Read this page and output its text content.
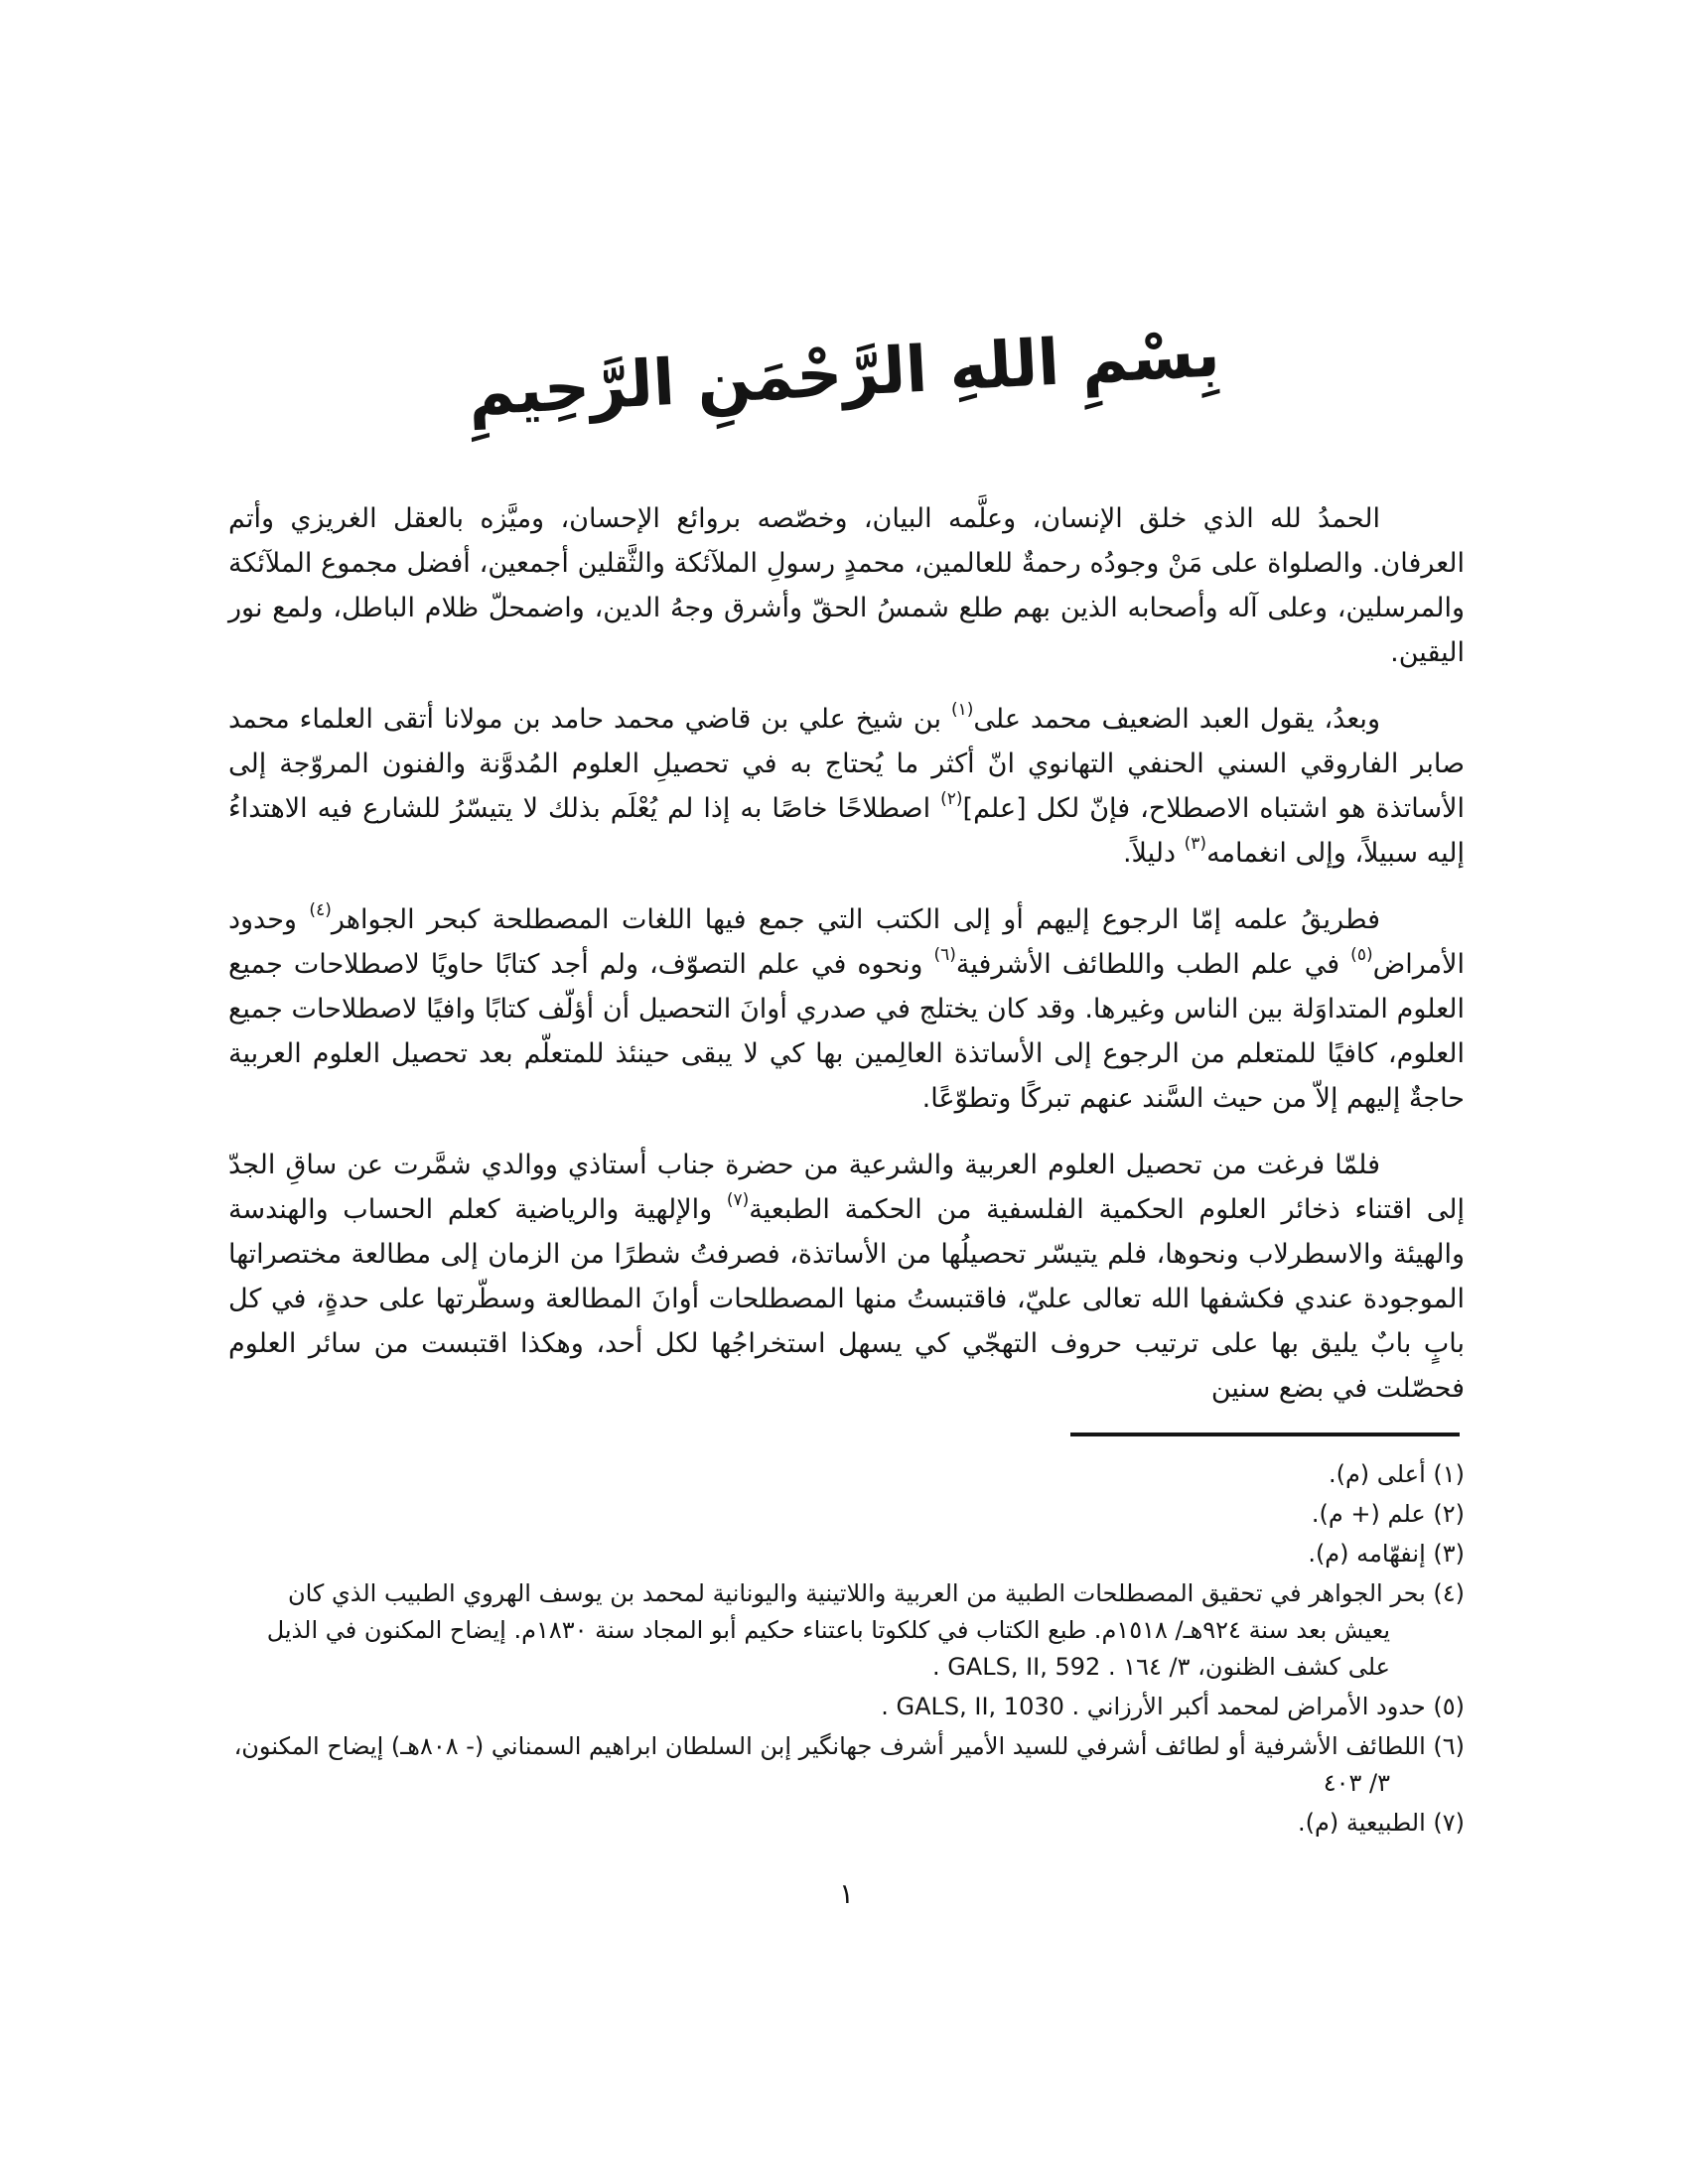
بِسْمِ اللهِ الرَّحْمَنِ الرَّحِيمِ

الحمدُ لله الذي خلق الإنسان، وعلَّمه البيان، وخصّصه بروائع الإحسان، وميَّزه بالعقل الغريزي وأتم العرفان. والصلواة على مَنْ وجودُه رحمةٌ للعالمين، محمدٍ رسولِ الملآئكة والثَّقلين أجمعين، أفضل مجموع الملآئكة والمرسلين، وعلى آله وأصحابه الذين بهم طلع شمسُ الحقّ وأشرق وجهُ الدين، واضمحلّ ظلام الباطل، ولمع نور اليقين.

وبعدُ، يقول العبد الضعيف محمد على$^{(١)}$ بن شيخ علي بن قاضي محمد حامد بن مولانا أتقى العلماء محمد صابر الفاروقي السني الحنفي التهانوي انّ أكثر ما يُحتاج به في تحصيلِ العلوم المُدوَّنة والفنون المروّجة إلى الأساتذة هو اشتباه الاصطلاح، فإنّ لكل [علم]$^{(٢)}$ اصطلاحًا خاصًا به إذا لم يُعْلَم بذلك لا يتيسّرُ للشارع فيه الاهتداءُ إليه سبيلاً، وإلى انغمامه$^{(٣)}$ دليلاً.

فطريقُ علمه إمّا الرجوع إليهم أو إلى الكتب التي جمع فيها اللغات المصطلحة كبحر الجواهر$^{(٤)}$ وحدود الأمراض$^{(٥)}$ في علم الطب واللطائف الأشرفية$^{(٦)}$ ونحوه في علم التصوّف، ولم أجد كتابًا حاويًا لاصطلاحات جميع العلوم المتداوَلة بين الناس وغيرها. وقد كان يختلج في صدري أوانَ التحصيل أن أؤلّف كتابًا وافيًا لاصطلاحات جميع العلوم، كافيًا للمتعلم من الرجوع إلى الأساتذة العالِمين بها كي لا يبقى حينئذ للمتعلّم بعد تحصيل العلوم العربية حاجةٌ إليهم إلاّ من حيث السَّند عنهم تبركًا وتطوّعًا.

فلمّا فرغت من تحصيل العلوم العربية والشرعية من حضرة جناب أستاذي ووالدي شمَّرت عن ساقِ الجدّ إلى اقتناء ذخائر العلوم الحكمية الفلسفية من الحكمة الطبعية$^{(٧)}$ والإلهية والرياضية كعلم الحساب والهندسة والهيئة والاسطرلاب ونحوها، فلم يتيسّر تحصيلُها من الأساتذة، فصرفتُ شطرًا من الزمان إلى مطالعة مختصراتها الموجودة عندي فكشفها الله تعالى عليّ، فاقتبستُ منها المصطلحات أوانَ المطالعة وسطّرتها على حدةٍ، في كل بابٍ بابٌ يليق بها على ترتيب حروف التهجّي كي يسهل استخراجُها لكل أحد، وهكذا اقتبست من سائر العلوم فحصّلت في بضع سنين

(١) أعلى (م).
(٢) علم (+ م).
(٣) إنفهّامه (م).
(٤) بحر الجواهر في تحقيق المصطلحات الطبية من العربية واللاتينية واليونانية لمحمد بن يوسف الهروي الطبيب الذي كان يعيش بعد سنة ٩٢٤هـ/ ١٥١٨م. طبع الكتاب في كلكوتا باعتناء حكيم أبو المجاد سنة ١٨٣٠م. إيضاح المكنون في الذيل على كشف الظنون، ٣/ ١٦٤ . GALS, II, 592 .
(٥) حدود الأمراض لمحمد أكبر الأرزاني . GALS, II, 1030 .
(٦) اللطائف الأشرفية أو لطائف أشرفي للسيد الأمير أشرف جهانگير إبن السلطان ابراهيم السمناني (- ٨٠٨هـ) إيضاح المكنون، ٣/ ٤٠٣
(٧) الطبيعية (م).
١
